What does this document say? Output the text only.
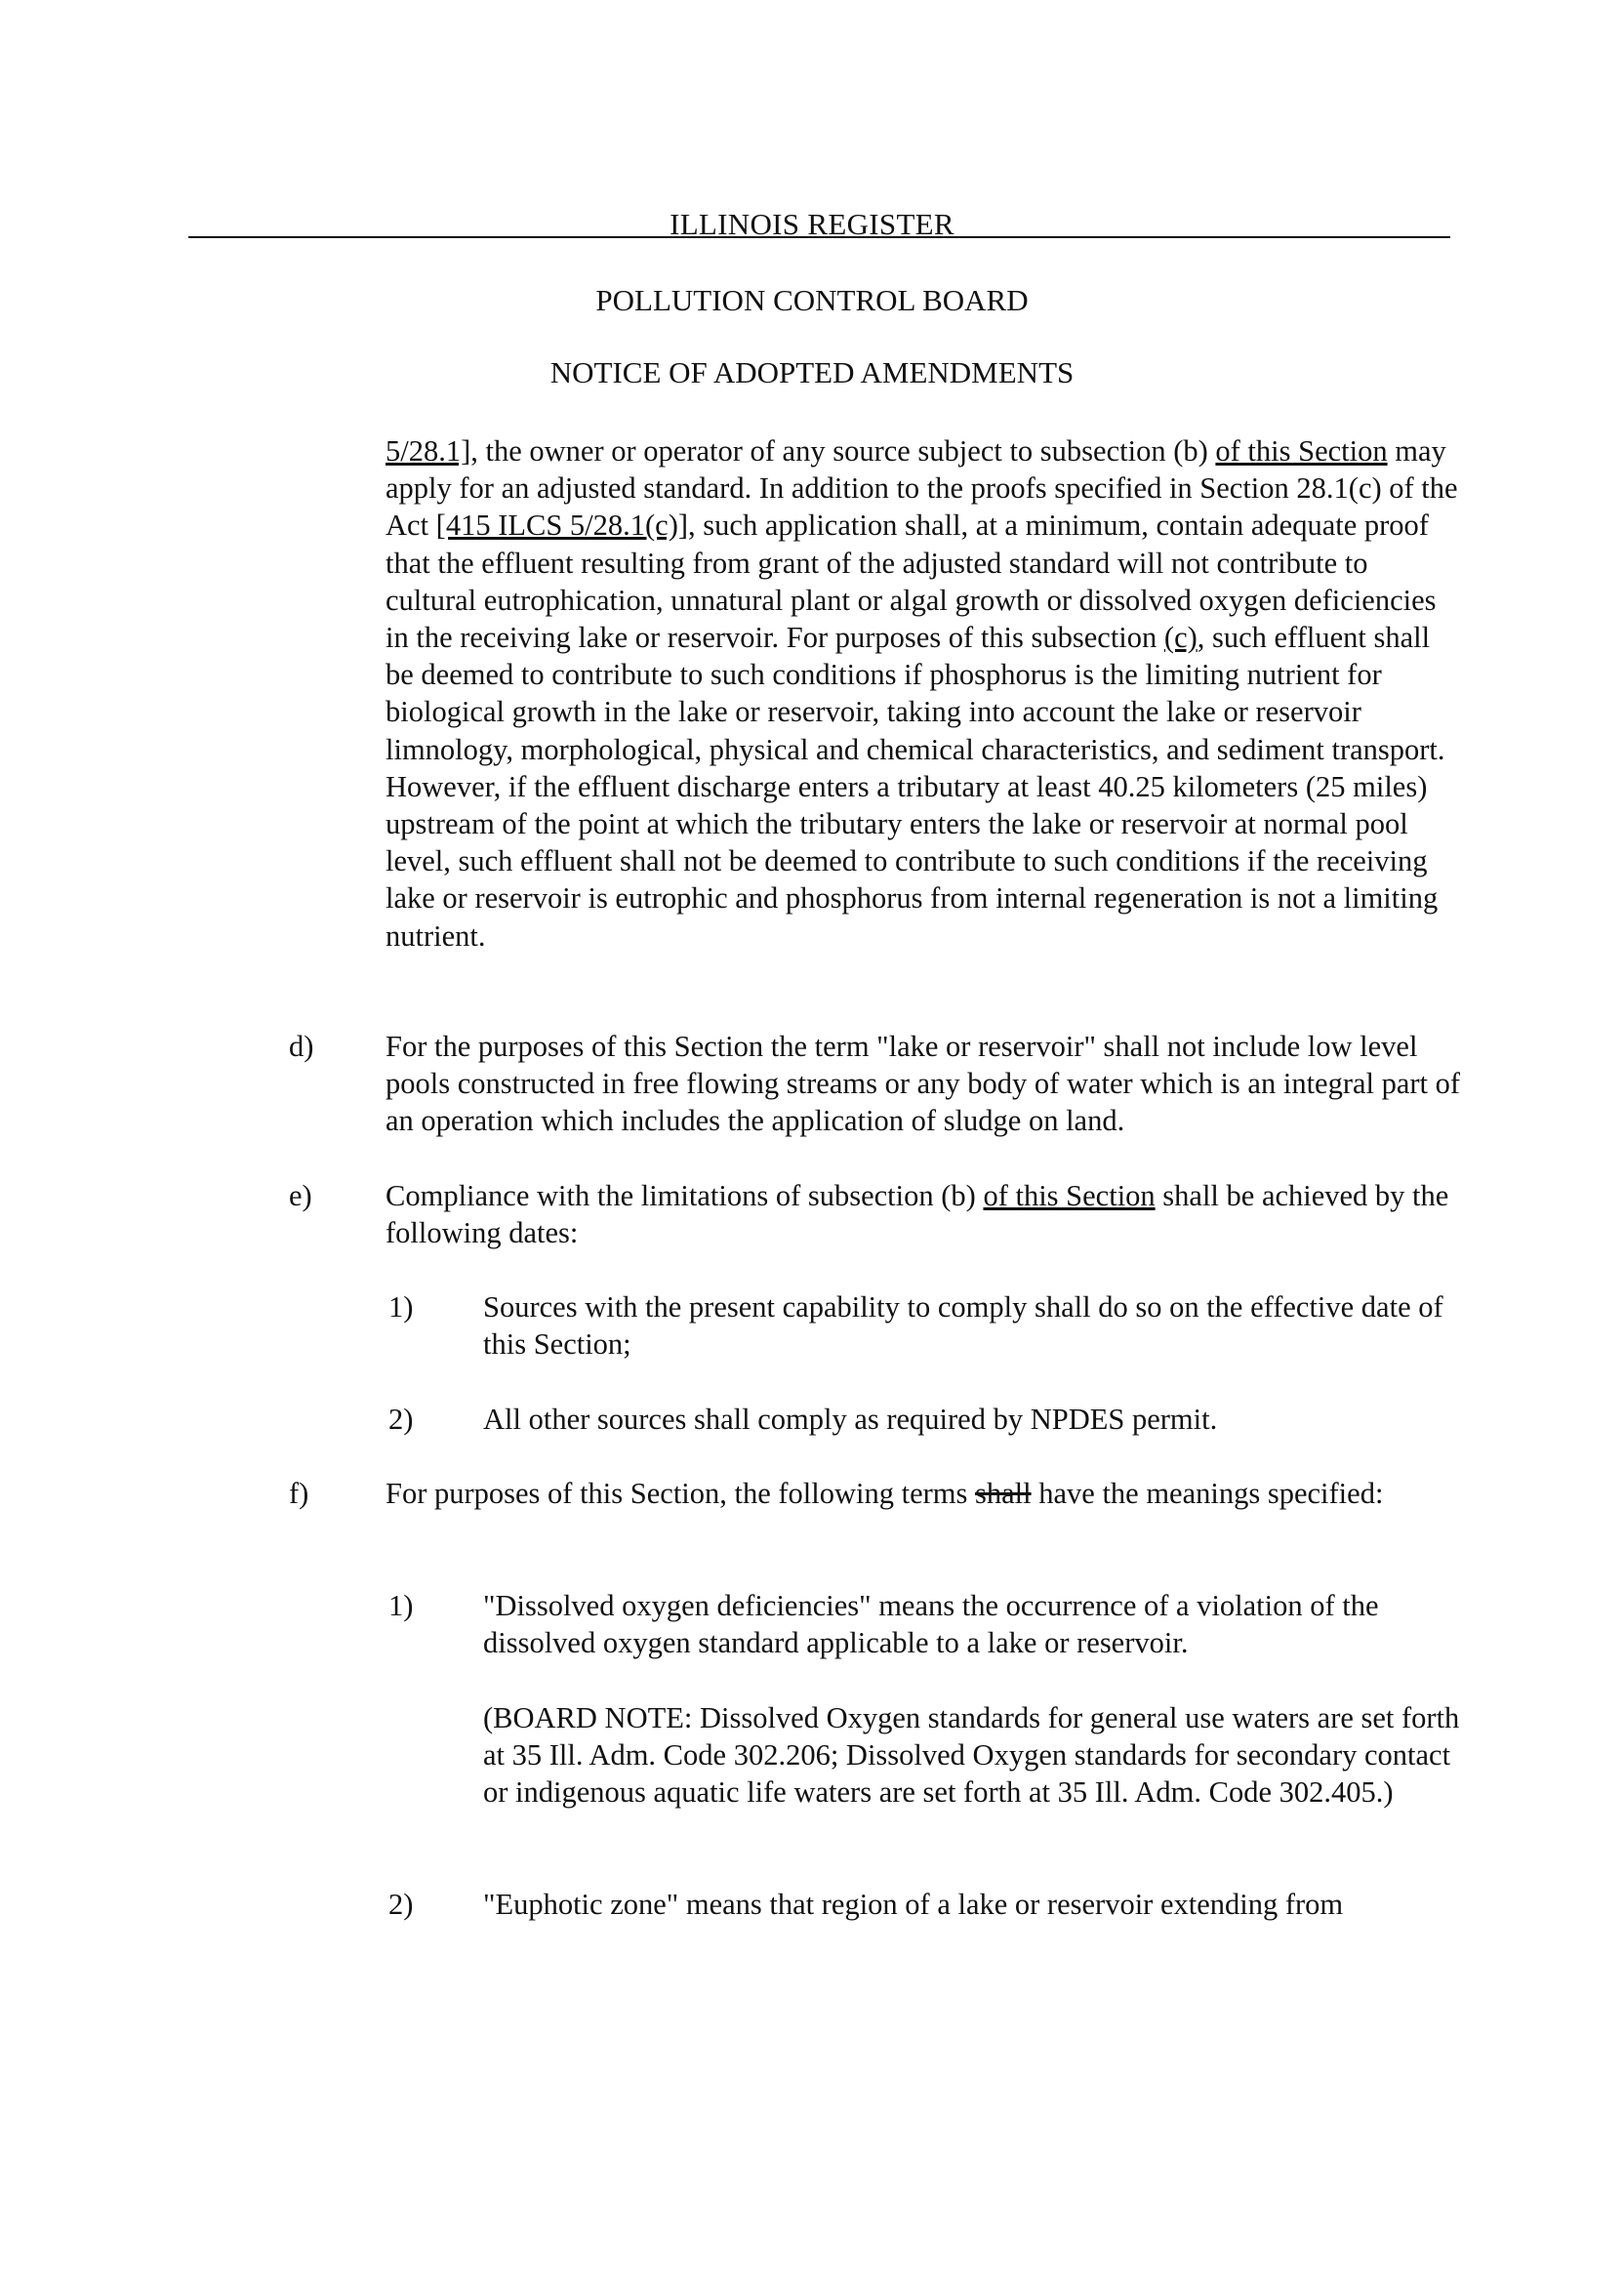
ILLINOIS REGISTER
POLLUTION CONTROL BOARD
NOTICE OF ADOPTED AMENDMENTS

5/28.1], the owner or operator of any source subject to subsection (b) of this Section may apply for an adjusted standard. In addition to the proofs specified in Section 28.1(c) of the Act [415 ILCS 5/28.1(c)], such application shall, at a minimum, contain adequate proof that the effluent resulting from grant of the adjusted standard will not contribute to cultural eutrophication, unnatural plant or algal growth or dissolved oxygen deficiencies in the receiving lake or reservoir. For purposes of this subsection (c), such effluent shall be deemed to contribute to such conditions if phosphorus is the limiting nutrient for biological growth in the lake or reservoir, taking into account the lake or reservoir limnology, morphological, physical and chemical characteristics, and sediment transport. However, if the effluent discharge enters a tributary at least 40.25 kilometers (25 miles) upstream of the point at which the tributary enters the lake or reservoir at normal pool level, such effluent shall not be deemed to contribute to such conditions if the receiving lake or reservoir is eutrophic and phosphorus from internal regeneration is not a limiting nutrient.

d) For the purposes of this Section the term "lake or reservoir" shall not include low level pools constructed in free flowing streams or any body of water which is an integral part of an operation which includes the application of sludge on land.

e) Compliance with the limitations of subsection (b) of this Section shall be achieved by the following dates:

1) Sources with the present capability to comply shall do so on the effective date of this Section;

2) All other sources shall comply as required by NPDES permit.

f)	For purposes of this Section, the following terms shall have the meanings specified:

1) "Dissolved oxygen deficiencies" means the occurrence of a violation of the dissolved oxygen standard applicable to a lake or reservoir.

(BOARD NOTE: Dissolved Oxygen standards for general use waters are set forth at 35 Ill. Adm. Code 302.206; Dissolved Oxygen standards for secondary contact or indigenous aquatic life waters are set forth at 35 Ill. Adm. Code 302.405.)

2) "Euphotic zone" means that region of a lake or reservoir extending from
